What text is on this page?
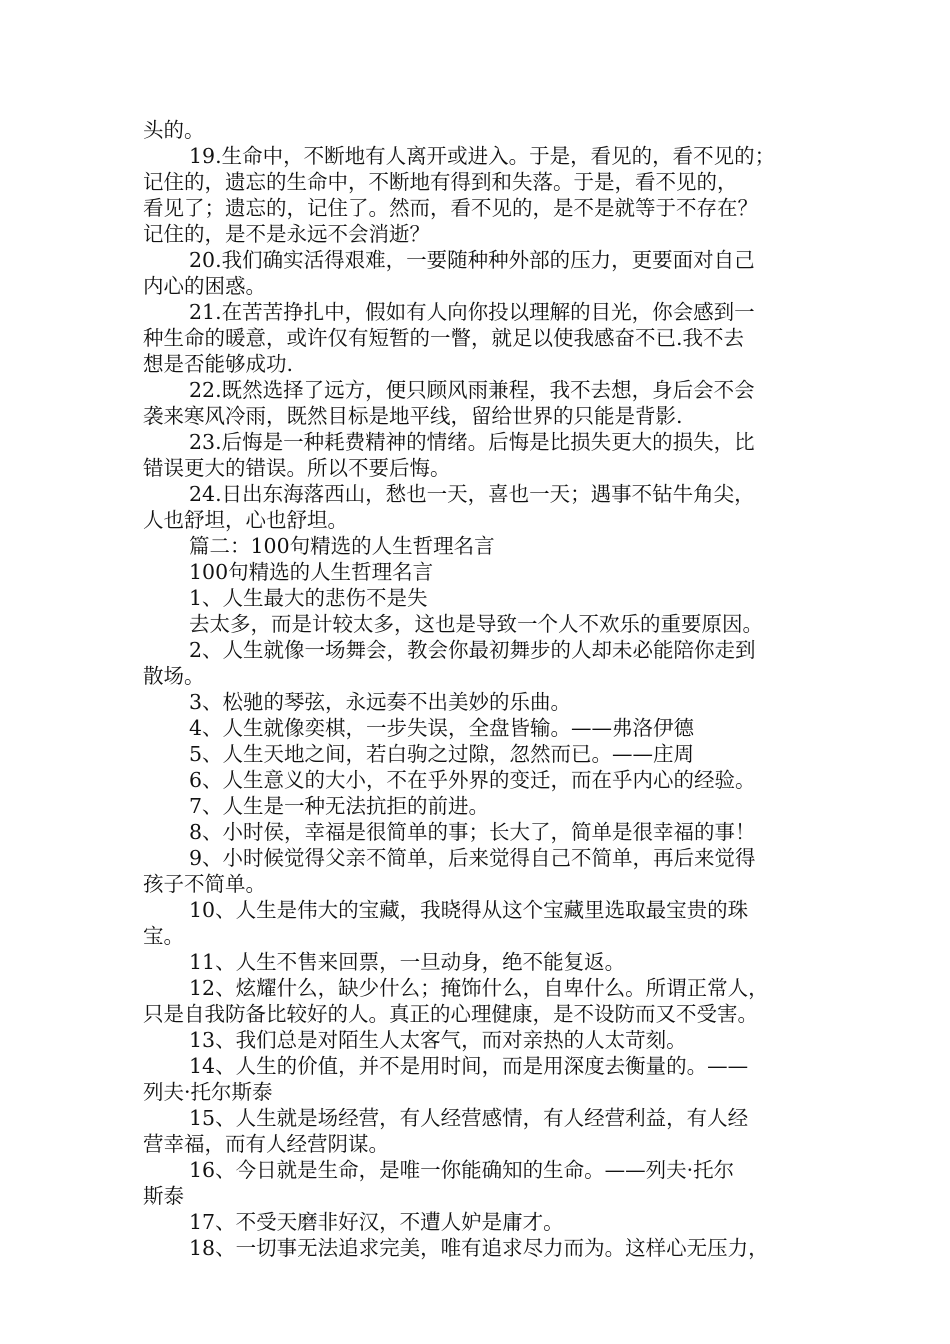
头的。
19.生命中，不断地有人离开或进入。于是，看见的，看不见的；
记住的，遗忘的生命中，不断地有得到和失落。于是，看不见的，
看见了；遗忘的，记住了。然而，看不见的，是不是就等于不存在？
记住的，是不是永远不会消逝？
20.我们确实活得艰难，一要随种种外部的压力，更要面对自己
内心的困惑。
21.在苦苦挣扎中，假如有人向你投以理解的目光，你会感到一
种生命的暖意，或许仅有短暂的一瞥，就足以使我感奋不已.我不去
想是否能够成功.
22.既然选择了远方，便只顾风雨兼程，我不去想，身后会不会
袭来寒风冷雨，既然目标是地平线，留给世界的只能是背影.
23.后悔是一种耗费精神的情绪。后悔是比损失更大的损失，比
错误更大的错误。所以不要后悔。
24.日出东海落西山，愁也一天，喜也一天；遇事不钻牛角尖，
人也舒坦，心也舒坦。
篇二：100句精选的人生哲理名言
100句精选的人生哲理名言
1、人生最大的悲伤不是失
去太多，而是计较太多，这也是导致一个人不欢乐的重要原因。
2、人生就像一场舞会，教会你最初舞步的人却未必能陪你走到
散场。
3、松驰的琴弦，永远奏不出美妙的乐曲。
4、人生就像奕棋，一步失误，全盘皆输。——弗洛伊德
5、人生天地之间，若白驹之过隙，忽然而已。——庄周
6、人生意义的大小，不在乎外界的变迁，而在乎内心的经验。
7、人生是一种无法抗拒的前进。
8、小时侯，幸福是很简单的事；长大了，简单是很幸福的事！
9、小时候觉得父亲不简单，后来觉得自己不简单，再后来觉得
孩子不简单。
10、人生是伟大的宝藏，我晓得从这个宝藏里选取最宝贵的珠
宝。
11、人生不售来回票，一旦动身，绝不能复返。
12、炫耀什么，缺少什么；掩饰什么，自卑什么。所谓正常人，
只是自我防备比较好的人。真正的心理健康，是不设防而又不受害。
13、我们总是对陌生人太客气，而对亲热的人太苛刻。
14、人生的价值，并不是用时间，而是用深度去衡量的。——
列夫·托尔斯泰
15、人生就是场经营，有人经营感情，有人经营利益，有人经
营幸福，而有人经营阴谋。
16、今日就是生命，是唯一你能确知的生命。——列夫·托尔
斯泰
17、不受天磨非好汉，不遭人妒是庸才。
18、一切事无法追求完美，唯有追求尽力而为。这样心无压力，
